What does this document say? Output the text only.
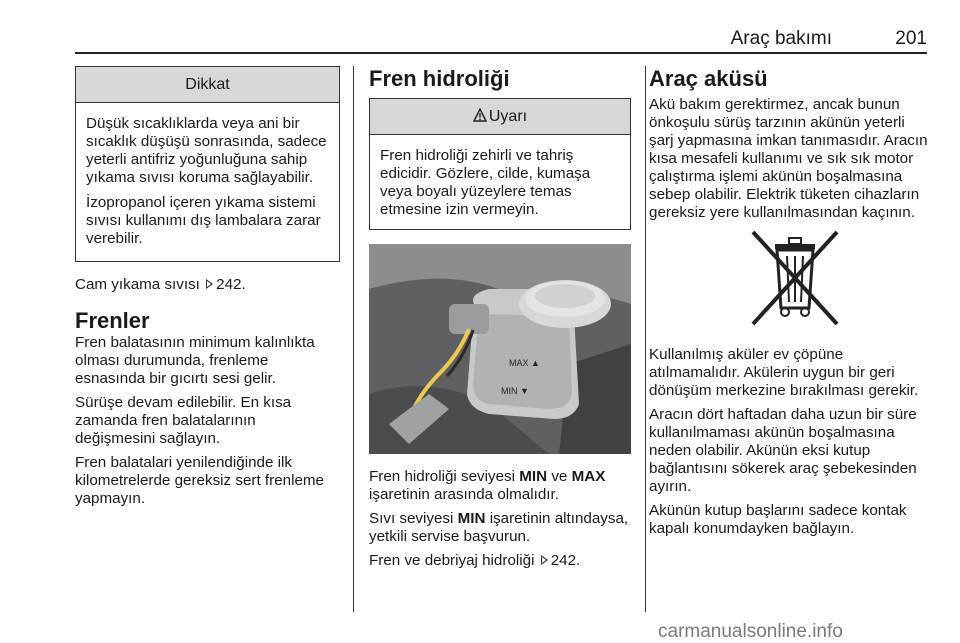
Araç bakımı	201
Dikkat

Düşük sıcaklıklarda veya ani bir sıcaklık düşüşü sonrasında, sadece yeterli antifriz yoğunluğuna sahip yıkama sıvısı koruma sağlayabilir.

İzopropanol içeren yıkama sistemi sıvısı kullanımı dış lambalara zarar verebilir.

Cam yıkama sıvısı 242.

Frenler

Fren balatasının minimum kalınlıkta olması durumunda, frenleme esnasında bir gıcırtı sesi gelir.

Sürüşe devam edilebilir. En kısa zamanda fren balatalarının değişmesini sağlayın.

Fren balatalari yenilendiğinde ilk kilometrelerde gereksiz sert frenleme yapmayın.

Fren hidroliği
Uyarı

Fren hidroliği zehirli ve tahriş edicidir. Gözlere, cilde, kumaşa veya boyalı yüzeylere temas etmesine izin vermeyin.

MAX ▲
MIN ▼

Fren hidroliği seviyesi MIN ve MAX işaretinin arasında olmalıdır.

Sıvı seviyesi MIN işaretinin altındaysa, yetkili servise başvurun.

Fren ve debriyaj hidroliği 242.

Araç aküsü

Akü bakım gerektirmez, ancak bunun önkoşulu sürüş tarzının akünün yeterli şarj yapmasına imkan tanımasıdır. Aracın kısa mesafeli kullanımı ve sık sık motor çalıştırma işlemi akünün boşalmasına sebep olabilir. Elektrik tüketen cihazların gereksiz yere kullanılmasından kaçının.

Kullanılmış aküler ev çöpüne atılmamalıdır. Akülerin uygun bir geri dönüşüm merkezine bırakılması gerekir.

Aracın dört haftadan daha uzun bir süre kullanılmaması akünün boşalmasına neden olabilir. Akünün eksi kutup bağlantısını sökerek araç şebekesinden ayırın.

Akünün kutup başlarını sadece kontak kapalı konumdayken bağlayın.

carmanualsonline.info
